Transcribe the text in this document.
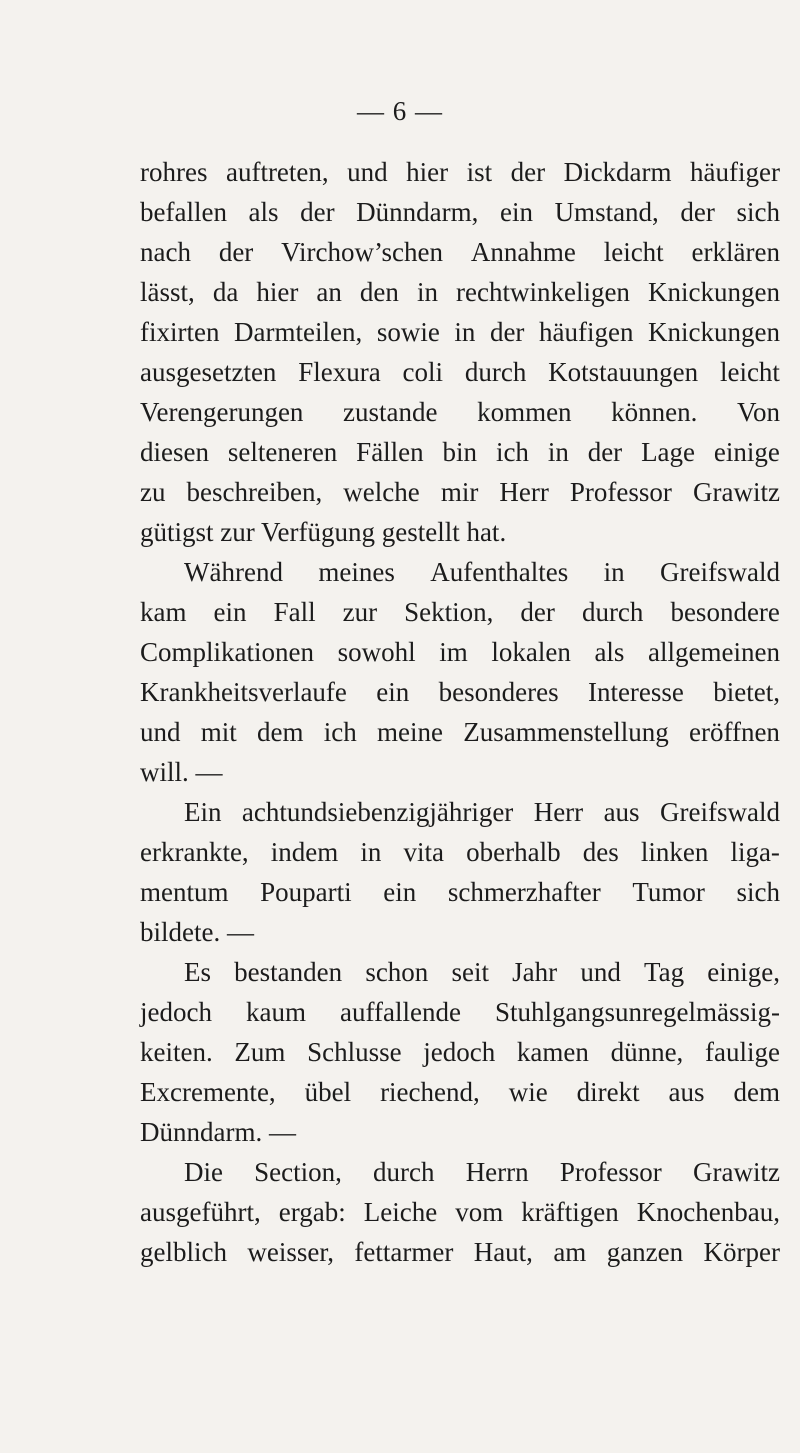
— 6 —
rohres auftreten, und hier ist der Dickdarm häufiger
befallen als der Dünndarm, ein Umstand, der sich
nach der Virchow’schen Annahme leicht erklären
lässt, da hier an den in rechtwinkeligen Knickungen
fixirten Darmteilen, sowie in der häufigen Knickungen
ausgesetzten Flexura coli durch Kotstauungen leicht
Verengerungen zustande kommen können. Von
diesen selteneren Fällen bin ich in der Lage einige
zu beschreiben, welche mir Herr Professor Grawitz
gütigst zur Verfügung gestellt hat.
Während meines Aufenthaltes in Greifswald
kam ein Fall zur Sektion, der durch besondere
Complikationen sowohl im lokalen als allgemeinen
Krankheitsverlaufe ein besonderes Interesse bietet,
und mit dem ich meine Zusammenstellung eröffnen
will. —
Ein achtundsiebenzigjähriger Herr aus Greifswald
erkrankte, indem in vita oberhalb des linken liga-
mentum Pouparti ein schmerzhafter Tumor sich
bildete. —
Es bestanden schon seit Jahr und Tag einige,
jedoch kaum auffallende Stuhlgangsunregelmässig-
keiten. Zum Schlusse jedoch kamen dünne, faulige
Excremente, übel riechend, wie direkt aus dem
Dünndarm. —
Die Section, durch Herrn Professor Grawitz
ausgeführt, ergab: Leiche vom kräftigen Knochenbau,
gelblich weisser, fettarmer Haut, am ganzen Körper
